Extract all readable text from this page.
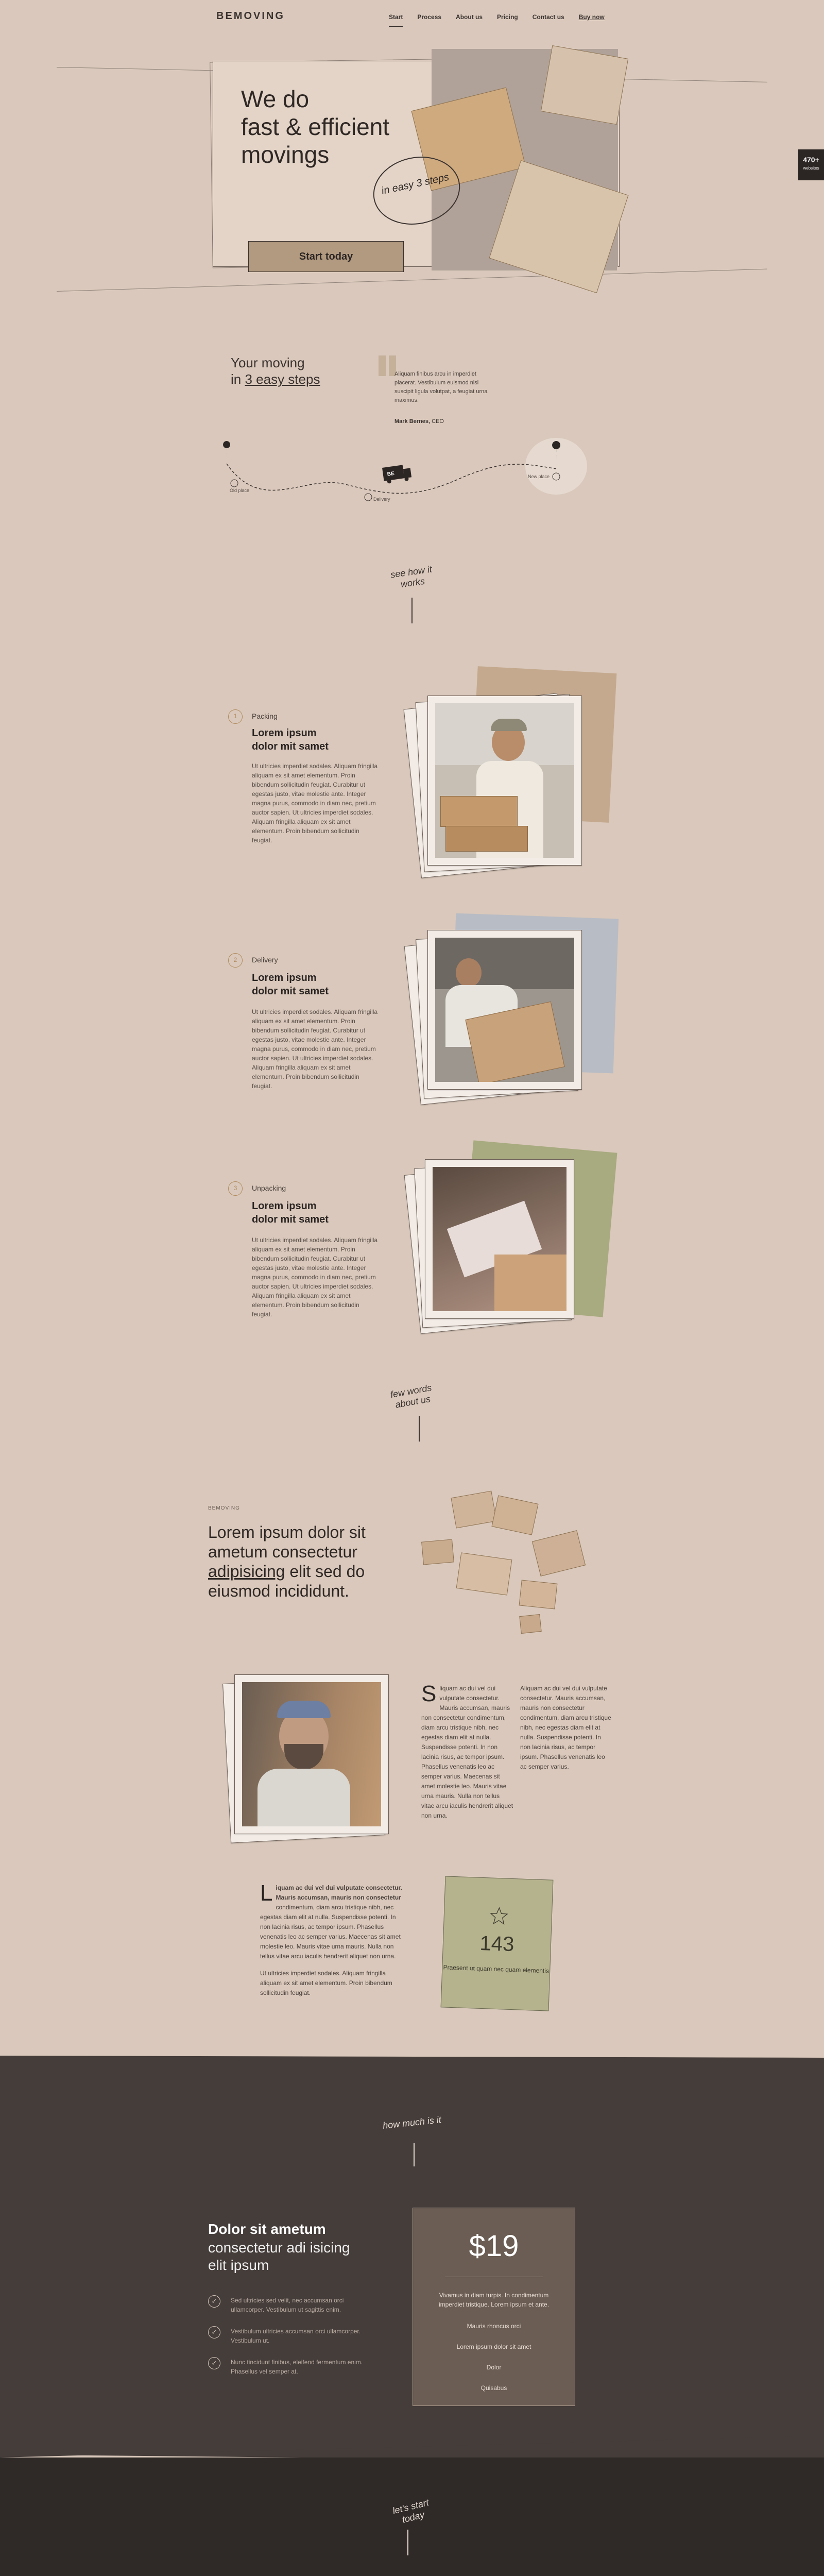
BEMOVING	Start Process About us Pricing Contact us Buy now
470+
websites
We do
fast & efficient
movings
in easy 3 steps
Start today
Your moving
in 3 easy steps	Aliquam finibus arcu in imperdiet placerat. Vestibulum euismod nisl suscipit ligula volutpat, a feugiat urna maximus.
Mark Bernes, CEO
BE
Old place
Delivery
New place
see how it works
1	Packing
Lorem ipsum
dolor mit samet
Ut ultricies imperdiet sodales. Aliquam fringilla aliquam ex sit amet elementum. Proin bibendum sollicitudin feugiat. Curabitur ut egestas justo, vitae molestie ante. Integer magna purus, commodo in diam nec, pretium auctor sapien. Ut ultricies imperdiet sodales. Aliquam fringilla aliquam ex sit amet elementum. Proin bibendum sollicitudin feugiat.
2	Delivery
Lorem ipsum
dolor mit samet
Ut ultricies imperdiet sodales. Aliquam fringilla aliquam ex sit amet elementum. Proin bibendum sollicitudin feugiat. Curabitur ut egestas justo, vitae molestie ante. Integer magna purus, commodo in diam nec, pretium auctor sapien. Ut ultricies imperdiet sodales. Aliquam fringilla aliquam ex sit amet elementum. Proin bibendum sollicitudin feugiat.
3	Unpacking
Lorem ipsum
dolor mit samet
Ut ultricies imperdiet sodales. Aliquam fringilla aliquam ex sit amet elementum. Proin bibendum sollicitudin feugiat. Curabitur ut egestas justo, vitae molestie ante. Integer magna purus, commodo in diam nec, pretium auctor sapien. Ut ultricies imperdiet sodales. Aliquam fringilla aliquam ex sit amet elementum. Proin bibendum sollicitudin feugiat.
few words about us
BEMOVING
Lorem ipsum dolor sit
ametum consectetur
adipisicing elit sed do
eiusmod incididunt.
Sliquam ac dui vel dui vulputate consectetur. Mauris accumsan, mauris non consectetur condimentum, diam arcu tristique nibh, nec egestas diam elit at nulla. Suspendisse potenti. In non lacinia risus, ac tempor ipsum. Phasellus venenatis leo ac semper varius. Maecenas sit amet molestie leo. Mauris vitae urna mauris. Nulla non tellus vitae arcu iaculis hendrerit aliquet non urna.
Aliquam ac dui vel dui vulputate consectetur. Mauris accumsan, mauris non consectetur condimentum, diam arcu tristique nibh, nec egestas diam elit at nulla. Suspendisse potenti. In non lacinia risus, ac tempor ipsum. Phasellus venenatis leo ac semper varius.
Liquam ac dui vel dui vulputate consectetur. Mauris accumsan, mauris non consectetur condimentum, diam arcu tristique nibh, nec egestas diam elit at nulla. Suspendisse potenti. In non lacinia risus, ac tempor ipsum. Phasellus venenatis leo ac semper varius. Maecenas sit amet molestie leo. Mauris vitae urna mauris. Nulla non tellus vitae arcu iaculis hendrerit aliquet non urna.
Ut ultricies imperdiet sodales. Aliquam fringilla aliquam ex sit amet elementum. Proin bibendum sollicitudin feugiat.
143
Praesent ut quam nec quam elementis
how much is it
Dolor sit ametum
consectetur adi isicing
elit ipsum
✓	Sed ultricies sed velit, nec accumsan orci ullamcorper. Vestibulum ut sagittis enim.
✓	Vestibulum ultricies accumsan orci ullamcorper. Vestibulum ut.
✓	Nunc tincidunt finibus, eleifend fermentum enim. Phasellus vel semper at.
$19
Vivamus in diam turpis. In condimentum imperdiet tristique. Lorem ipsum et ante.
Mauris rhoncus orci
Lorem ipsum dolor sit amet
Dolor
Quisabus
let's start today
